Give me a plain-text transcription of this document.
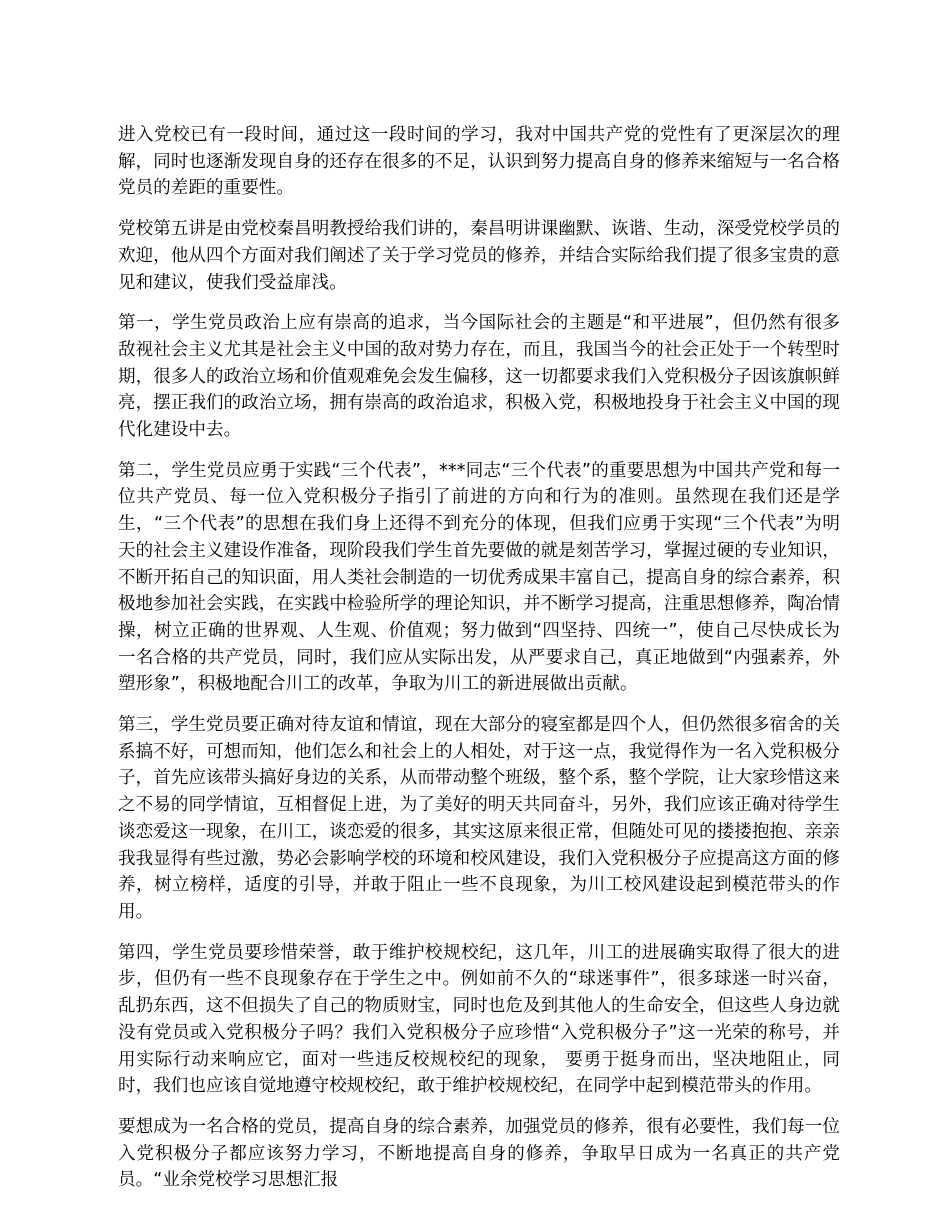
进入党校已有一段时间，通过这一段时间的学习，我对中国共产党的党性有了更深层次的理解，同时也逐渐发现自身的还存在很多的不足，认识到努力提高自身的修养来缩短与一名合格党员的差距的重要性。

党校第五讲是由党校秦昌明教授给我们讲的，秦昌明讲课幽默、诙谐、生动，深受党校学员的欢迎，他从四个方面对我们阐述了关于学习党员的修养，并结合实际给我们提了很多宝贵的意见和建议，使我们受益扉浅。

第一，学生党员政治上应有崇高的追求，当今国际社会的主题是“和平进展”，但仍然有很多敌视社会主义尤其是社会主义中国的敌对势力存在，而且，我国当今的社会正处于一个转型时期，很多人的政治立场和价值观难免会发生偏移，这一切都要求我们入党积极分子因该旗帜鲜亮，摆正我们的政治立场，拥有崇高的政治追求，积极入党，积极地投身于社会主义中国的现代化建设中去。

第二，学生党员应勇于实践“三个代表”，***同志“三个代表”的重要思想为中国共产党和每一位共产党员、每一位入党积极分子指引了前进的方向和行为的准则。虽然现在我们还是学生，“三个代表”的思想在我们身上还得不到充分的体现，但我们应勇于实现“三个代表”为明天的社会主义建设作准备，现阶段我们学生首先要做的就是刻苦学习，掌握过硬的专业知识，不断开拓自己的知识面，用人类社会制造的一切优秀成果丰富自己，提高自身的综合素养，积极地参加社会实践，在实践中检验所学的理论知识，并不断学习提高，注重思想修养，陶冶情操，树立正确的世界观、人生观、价值观；努力做到“四坚持、四统一”，使自己尽快成长为一名合格的共产党员，同时，我们应从实际出发，从严要求自己，真正地做到“内强素养，外塑形象”，积极地配合川工的改革，争取为川工的新进展做出贡献。

第三，学生党员要正确对待友谊和情谊，现在大部分的寝室都是四个人，但仍然很多宿舍的关系搞不好，可想而知，他们怎么和社会上的人相处，对于这一点，我觉得作为一名入党积极分子，首先应该带头搞好身边的关系，从而带动整个班级，整个系，整个学院，让大家珍惜这来之不易的同学情谊，互相督促上进，为了美好的明天共同奋斗，另外，我们应该正确对待学生谈恋爱这一现象，在川工，谈恋爱的很多，其实这原来很正常，但随处可见的搂搂抱抱、亲亲我我显得有些过激，势必会影响学校的环境和校风建设，我们入党积极分子应提高这方面的修养，树立榜样，适度的引导，并敢于阻止一些不良现象，为川工校风建设起到模范带头的作用。

第四，学生党员要珍惜荣誉，敢于维护校规校纪，这几年，川工的进展确实取得了很大的进步，但仍有一些不良现象存在于学生之中。例如前不久的“球迷事件”，很多球迷一时兴奋，乱扔东西，这不但损失了自己的物质财宝，同时也危及到其他人的生命安全，但这些人身边就没有党员或入党积极分子吗？我们入党积极分子应珍惜“入党积极分子”这一光荣的称号，并用实际行动来响应它，面对一些违反校规校纪的现象， 要勇于挺身而出，坚决地阻止，同时，我们也应该自觉地遵守校规校纪，敢于维护校规校纪，在同学中起到模范带头的作用。

要想成为一名合格的党员，提高自身的综合素养，加强党员的修养，很有必要性，我们每一位入党积极分子都应该努力学习，不断地提高自身的修养，争取早日成为一名真正的共产党员。“业余党校学习思想汇报
